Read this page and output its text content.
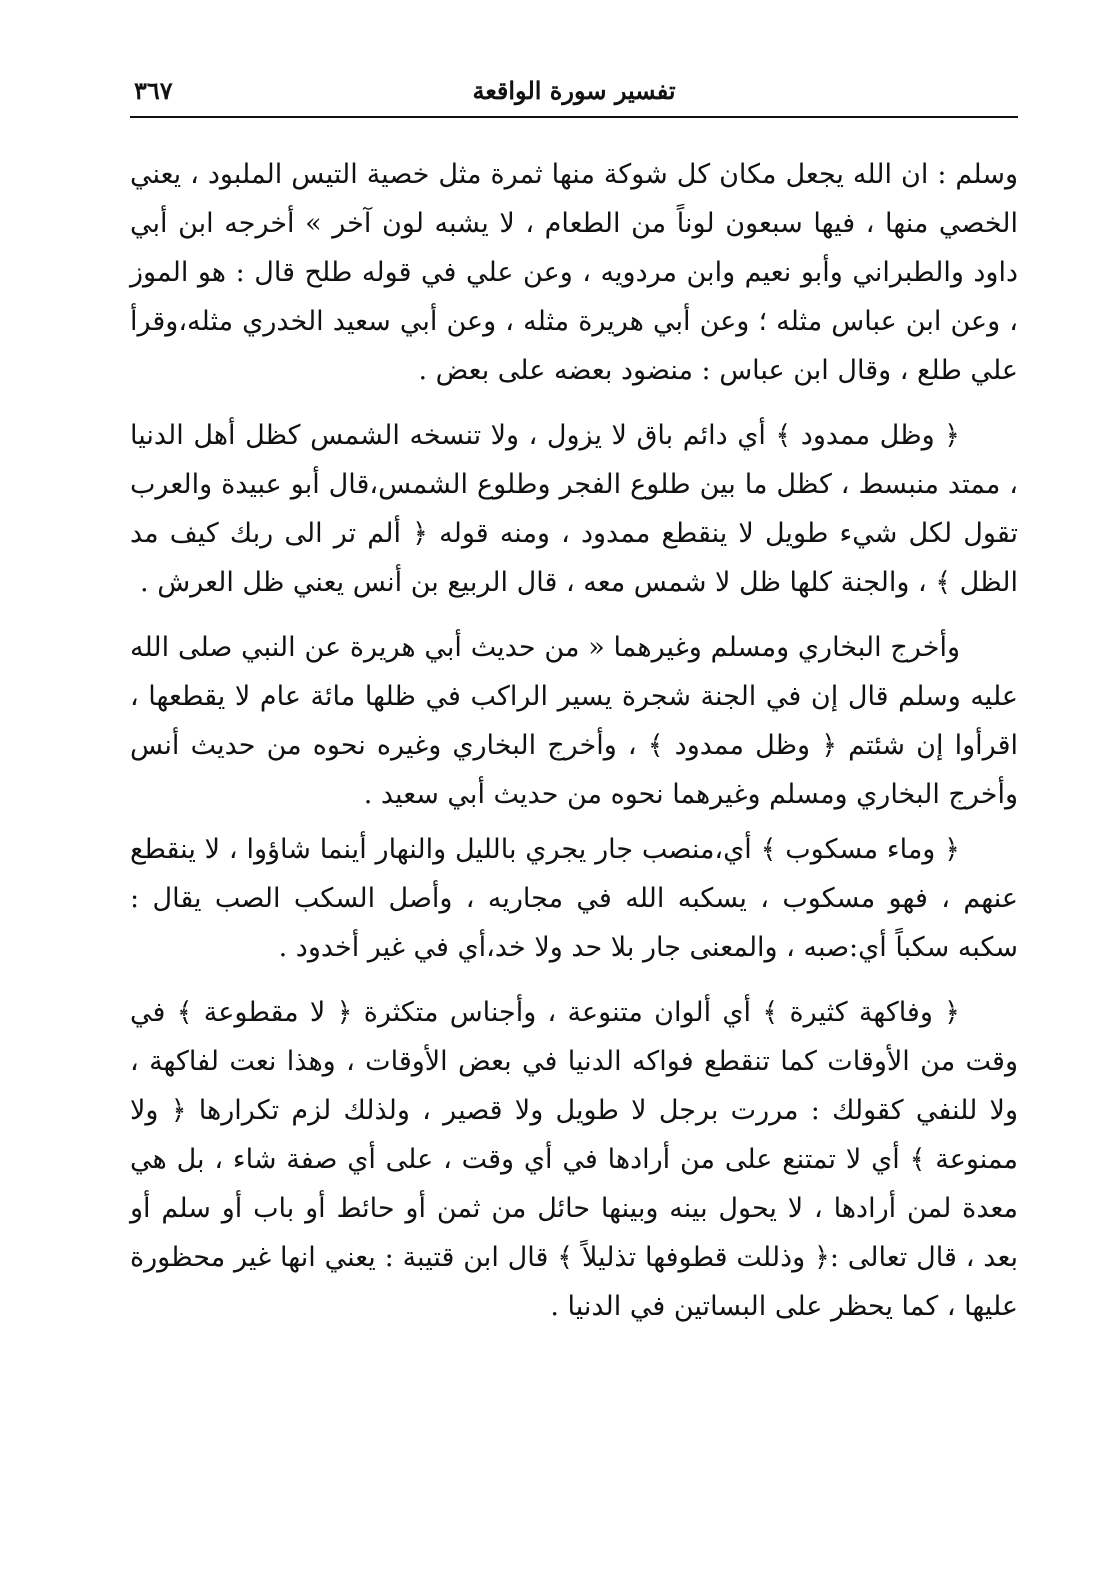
٣٦٧	تفسير سورة الواقعة

وسلم : ان الله يجعل مكان كل شوكة منها ثمرة مثل خصية التيس الملبود ، يعني الخصي منها ، فيها سبعون لوناً من الطعام ، لا يشبه لون آخر » أخرجه ابن أبي داود والطبراني وأبو نعيم وابن مردويه ، وعن علي في قوله طلح قال : هو الموز ، وعن ابن عباس مثله ؛ وعن أبي هريرة مثله ، وعن أبي سعيد الخدري مثله،وقرأ علي طلع ، وقال ابن عباس : منضود بعضه على بعض .

﴿ وظل ممدود ﴾ أي دائم باق لا يزول ، ولا تنسخه الشمس كظل أهل الدنيا ، ممتد منبسط ، كظل ما بين طلوع الفجر وطلوع الشمس،قال أبو عبيدة والعرب تقول لكل شيء طويل لا ينقطع ممدود ، ومنه قوله ﴿ ألم تر الى ربك كيف مد الظل ﴾ ، والجنة كلها ظل لا شمس معه ، قال الربيع بن أنس يعني ظل العرش .

وأخرج البخاري ومسلم وغيرهما « من حديث أبي هريرة عن النبي صلى الله عليه وسلم قال إن في الجنة شجرة يسير الراكب في ظلها مائة عام لا يقطعها ، اقرأوا إن شئتم ﴿ وظل ممدود ﴾ ، وأخرج البخاري وغيره نحوه من حديث أنس وأخرج البخاري ومسلم وغيرهما نحوه من حديث أبي سعيد .

﴿ وماء مسكوب ﴾ أي،منصب جار يجري بالليل والنهار أينما شاؤوا ، لا ينقطع عنهم ، فهو مسكوب ، يسكبه الله في مجاريه ، وأصل السكب الصب يقال : سكبه سكباً أي:صبه ، والمعنى جار بلا حد ولا خد،أي في غير أخدود .

﴿ وفاكهة كثيرة ﴾ أي ألوان متنوعة ، وأجناس متكثرة ﴿ لا مقطوعة ﴾ في وقت من الأوقات كما تنقطع فواكه الدنيا في بعض الأوقات ، وهذا نعت لفاكهة ، ولا للنفي كقولك : مررت برجل لا طويل ولا قصير ، ولذلك لزم تكرارها ﴿ ولا ممنوعة ﴾ أي لا تمتنع على من أرادها في أي وقت ، على أي صفة شاء ، بل هي معدة لمن أرادها ، لا يحول بينه وبينها حائل من ثمن أو حائط أو باب أو سلم أو بعد ، قال تعالى :﴿ وذللت قطوفها تذليلاً ﴾ قال ابن قتيبة : يعني انها غير محظورة عليها ، كما يحظر على البساتين في الدنيا .
